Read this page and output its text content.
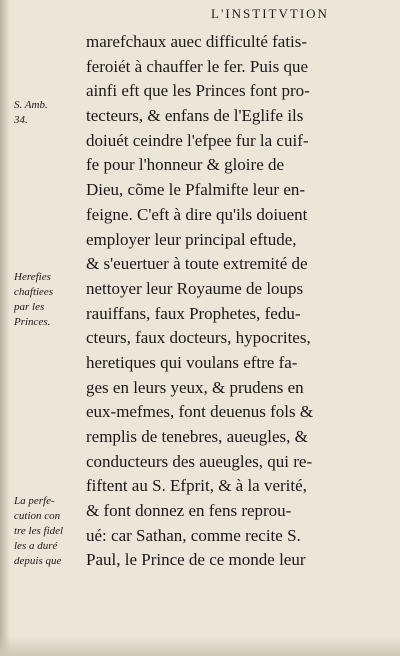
L'INSTITVTION
marefchaux auec difficulté fatis-
feroiét à chauffer le fer. Puis que
ainfi eft que les Princes font pro-
tecteurs, & enfans de l'Eglife ils
doiuét ceindre l'efpee fur la cuif-
fe pour l'honneur & gloire de
Dieu, cõme le Pfalmifte leur en-
feigne. C'eft à dire qu'ils doiuent
employer leur principal eftude,
& s'euertuer à toute extremité de
nettoyer leur Royaume de loups
rauiffans, faux Prophetes, fedu-
cteurs, faux docteurs, hypocrites,
heretiques qui voulans eftre fa-
ges en leurs yeux, & prudens en
eux-mefmes, font deuenus fols &
remplis de tenebres, aueugles, &
conducteurs des aueugles, qui re-
fiftent au S. Efprit, & à la verité,
& font donnez en fens reprou-
ué: car Sathan, comme recite S.
Paul, le Prince de ce monde leur
S. Amb.
34.
Herefies
chaftiees
par les
Princes.
La perfe-
cution con
tre les fidel
les a duré
depuis que
